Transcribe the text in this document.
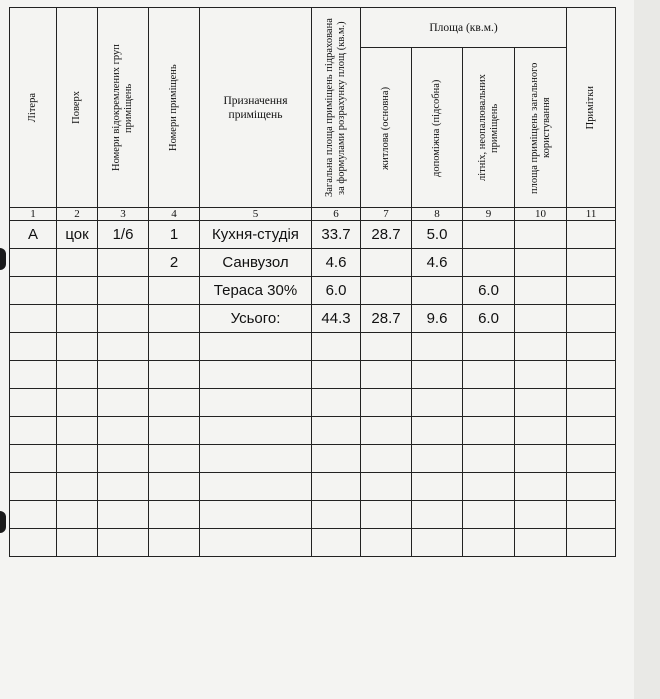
Літера	Поверх	Номери відокремлених груп приміщень	Номери приміщень	Призначення приміщень	Загальна площа приміщень підрахована за формулами розрахунку площ (кв.м.)	Площа (кв.м.)				Примітки

						житлова (основна)	допоміжна (підсобна)	літніх, неопалювальних приміщень	площа приміщень загального користування	

1	2	3	4	5	6	7	8	9	10	11
А	цок	1/6	1	Кухня-студія	33.7	28.7	5.0			
			2	Санвузол	4.6		4.6			
				Тераса 30%	6.0			6.0		
				Усього:	44.3	28.7	9.6	6.0		
